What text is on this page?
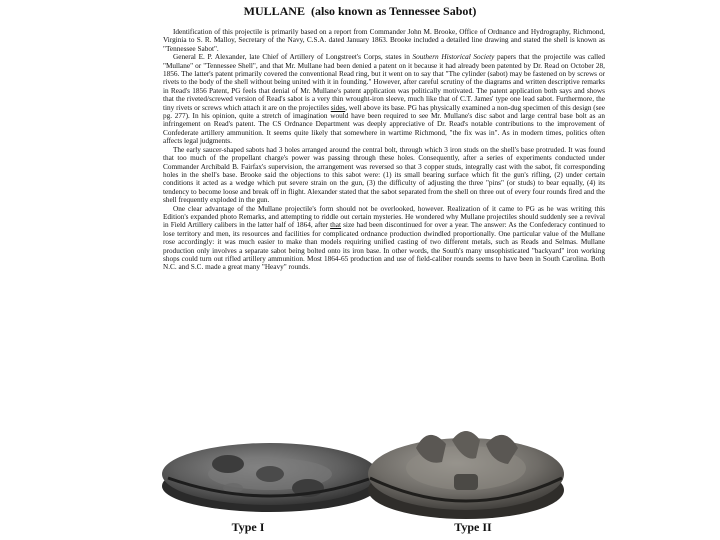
MULLANE (also known as Tennessee Sabot)

Identification of this projectile is primarily based on a report from Commander John M. Brooke, Office of Ordnance and Hydrography, Richmond, Virginia to S. R. Malloy, Secretary of the Navy, C.S.A. dated January 1863. Brooke included a detailed line drawing and stated the shell is known as "Tennessee Sabot".

General E. P. Alexander, late Chief of Artillery of Longstreet's Corps, states in Southern Historical Society papers that the projectile was called "Mullane" or "Tennessee Shell", and that Mr. Mullane had been denied a patent on it because it had already been patented by Dr. Read on October 28, 1856. The latter's patent primarily covered the conventional Read ring, but it went on to say that "The cylinder (sabot) may be fastened on by screws or rivets to the body of the shell without being united with it in founding." However, after careful scrutiny of the diagrams and written descriptive remarks in Read's 1856 Patent, PG feels that denial of Mr. Mullane's patent application was politically motivated. The patent application both says and shows that the riveted/screwed version of Read's sabot is a very thin wrought-iron sleeve, much like that of C.T. James' type one lead sabot. Furthermore, the tiny rivets or screws which attach it are on the projectiles sides, well above its base. PG has physically examined a non-dug specimen of this design (see pg. 277). In his opinion, quite a stretch of imagination would have been required to see Mr. Mullane's disc sabot and large central base bolt as an infringement on Read's patent. The CS Ordnance Department was deeply appreciative of Dr. Read's notable contributions to the improvement of Confederate artillery ammunition. It seems quite likely that somewhere in wartime Richmond, "the fix was in". As in modern times, politics often affects legal judgments.

The early saucer-shaped sabots had 3 holes arranged around the central bolt, through which 3 iron studs on the shell's base protruded. It was found that too much of the propellant charge's power was passing through these holes. Consequently, after a series of experiments conducted under Commander Archibald B. Fairfax's supervision, the arrangement was reversed so that 3 copper studs, integrally cast with the sabot, fit corresponding holes in the shell's base. Brooke said the objections to this sabot were: (1) its small bearing surface which fit the gun's rifling, (2) under certain conditions it acted as a wedge which put severe strain on the gun, (3) the difficulty of adjusting the three "pins" (or studs) to bear equally, (4) its tendency to become loose and break off in flight. Alexander stated that the sabot separated from the shell on three out of every four rounds fired and the shell frequently exploded in the gun.

One clear advantage of the Mullane projectile's form should not be overlooked, however. Realization of it came to PG as he was writing this Edition's expanded photo Remarks, and attempting to riddle out certain mysteries. He wondered why Mullane projectiles should suddenly see a revival in Field Artillery calibers in the latter half of 1864, after that size had been discontinued for over a year. The answer: As the Confederacy continued to lose territory and men, its resources and facilities for complicated ordnance production dwindled proportionally. One particular value of the Mullane rose accordingly: it was much easier to make than models requiring unified casting of two different metals, such as Reads and Selmas. Mullane production only involves a separate sabot being bolted onto its iron base. In other words, the South's many unsophisticated "backyard" iron working shops could turn out rifled artillery ammunition. Most 1864-65 production and use of field-caliber rounds seems to have been in South Carolina. Both N.C. and S.C. made a great many "Heavy" rounds.

Type I	Type II
